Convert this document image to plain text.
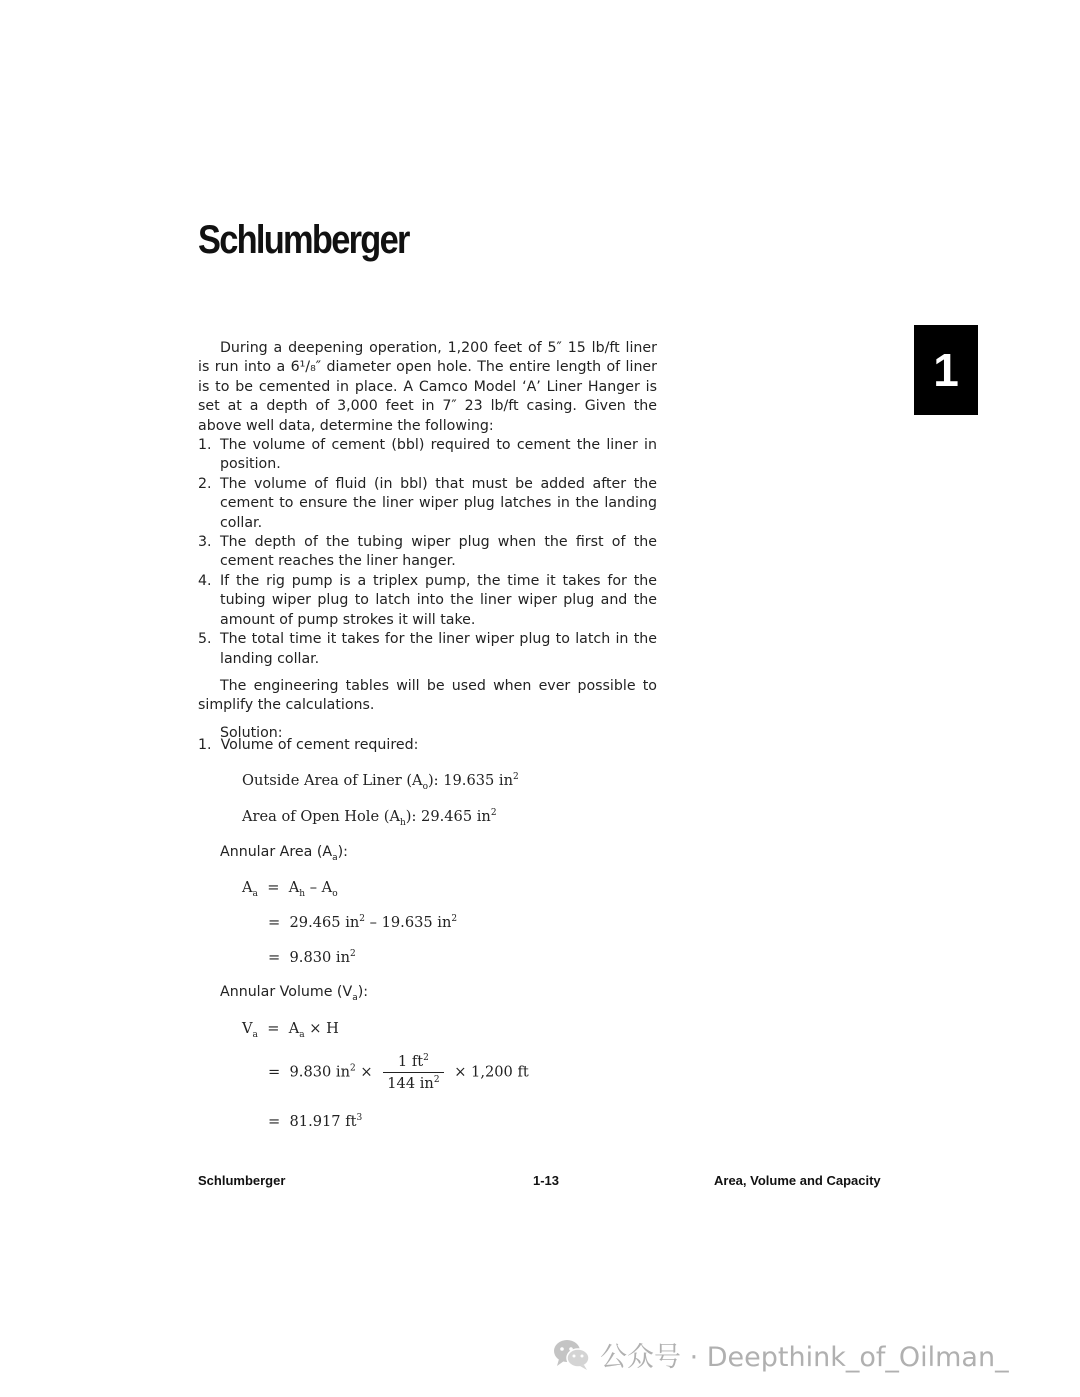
Schlumberger
1

During a deepening operation, 1,200 feet of 5″ 15 lb/ft liner is run into a 6¹/₈″ diameter open hole. The entire length of liner is to be cemented in place. A Camco Model ‘A’ Liner Hanger is set at a depth of 3,000 feet in 7″ 23 lb/ft casing. Given the above well data, determine the following:

1. The volume of cement (bbl) required to cement the liner in position.
2. The volume of fluid (in bbl) that must be added after the cement to ensure the liner wiper plug latches in the landing collar.
3. The depth of the tubing wiper plug when the first of the cement reaches the liner hanger.
4. If the rig pump is a triplex pump, the time it takes for the tubing wiper plug to latch into the liner wiper plug and the amount of pump strokes it will take.
5. The total time it takes for the liner wiper plug to latch in the landing collar.

The engineering tables will be used when ever possible to simplify the calculations.

Solution:

1. Volume of cement required:
Outside Area of Liner $(A_o)$: 19.635 $in^2$
Area of Open Hole $(A_h)$: 29.465 $in^2$
Annular Area $(A_a)$:
$A_a = A_h - A_o$
= 29.465 $in^2 - 19.635$ $in^2$
= 9.830 $in^2$
Annular Volume $(V_a)$:
$V_a = A_a \times H$
= 9.830 $in^2 \times \frac{1 ft^2}{144 in^2} \times 1,200$ ft
= 81.917 $ft^3$
Schlumberger	1-13	Area, Volume and Capacity
公众号 · Deepthink_of_Oilman_
